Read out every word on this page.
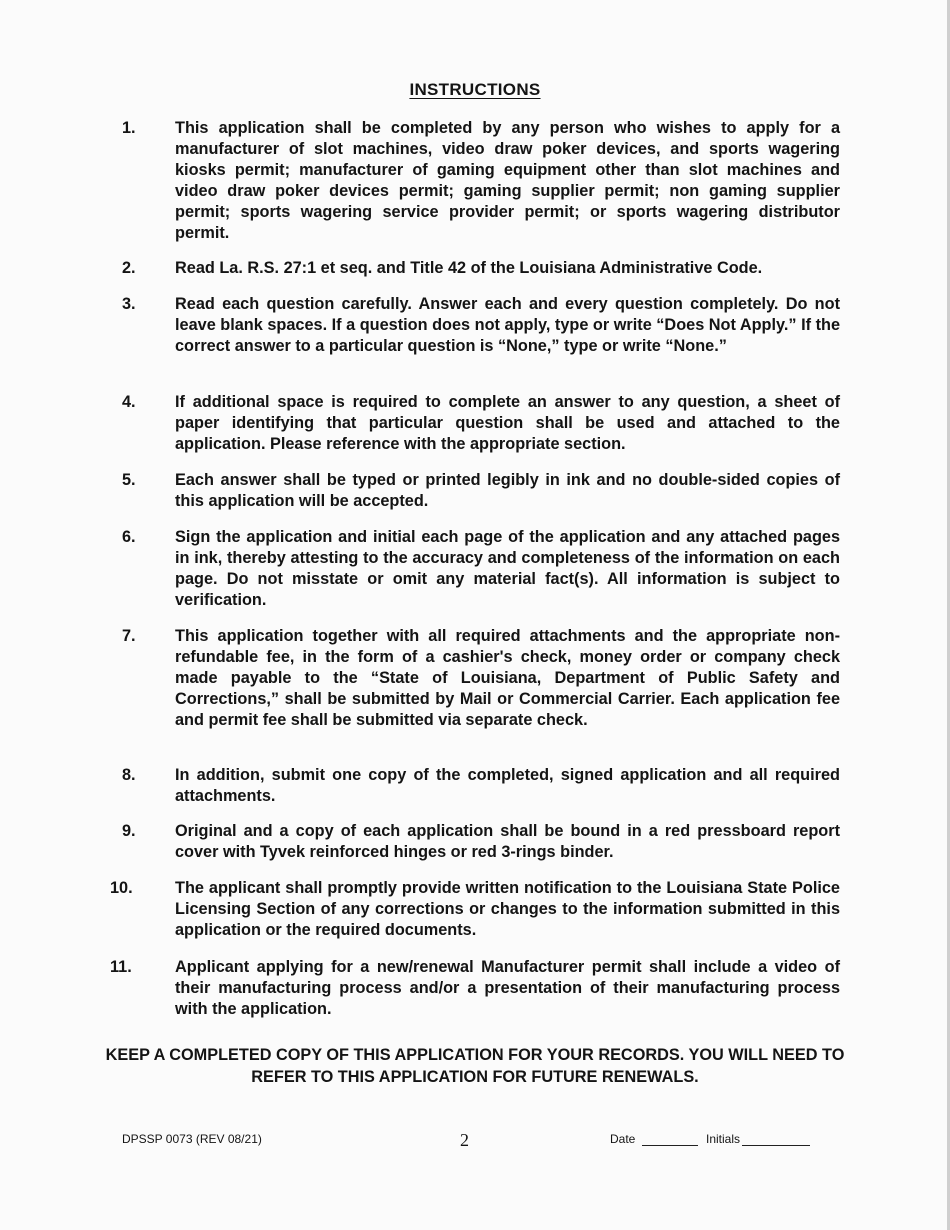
INSTRUCTIONS
1.	This application shall be completed by any person who wishes to apply for a manufacturer of slot machines, video draw poker devices, and sports wagering kiosks permit; manufacturer of gaming equipment other than slot machines and video draw poker devices permit; gaming supplier permit; non gaming supplier permit; sports wagering service provider permit; or sports wagering distributor permit.
2.	Read La. R.S. 27:1 et seq. and Title 42 of the Louisiana Administrative Code.
3.	Read each question carefully. Answer each and every question completely. Do not leave blank spaces. If a question does not apply, type or write “Does Not Apply.” If the correct answer to a particular question is “None,” type or write “None.”
4.	If additional space is required to complete an answer to any question, a sheet of paper identifying that particular question shall be used and attached to the application. Please reference with the appropriate section.
5.	Each answer shall be typed or printed legibly in ink and no double-sided copies of this application will be accepted.
6.	Sign the application and initial each page of the application and any attached pages in ink, thereby attesting to the accuracy and completeness of the information on each page. Do not misstate or omit any material fact(s). All information is subject to verification.
7.	This application together with all required attachments and the appropriate non- refundable fee, in the form of a cashier's check, money order or company check made payable to the “State of Louisiana, Department of Public Safety and Corrections,” shall be submitted by Mail or Commercial Carrier. Each application fee and permit fee shall be submitted via separate check.
8.	In addition, submit one copy of the completed, signed application and all required attachments.
9.	Original and a copy of each application shall be bound in a red pressboard report cover with Tyvek reinforced hinges or red 3-rings binder.
10.	The applicant shall promptly provide written notification to the Louisiana State Police Licensing Section of any corrections or changes to the information submitted in this application or the required documents.
11.	Applicant applying for a new/renewal Manufacturer permit shall include a video of their manufacturing process and/or a presentation of their manufacturing process with the application.
KEEP A COMPLETED COPY OF THIS APPLICATION FOR YOUR RECORDS. YOU WILL NEED TO REFER TO THIS APPLICATION FOR FUTURE RENEWALS.
DPSSP 0073 (REV 08/21)	2	Date	Initials
